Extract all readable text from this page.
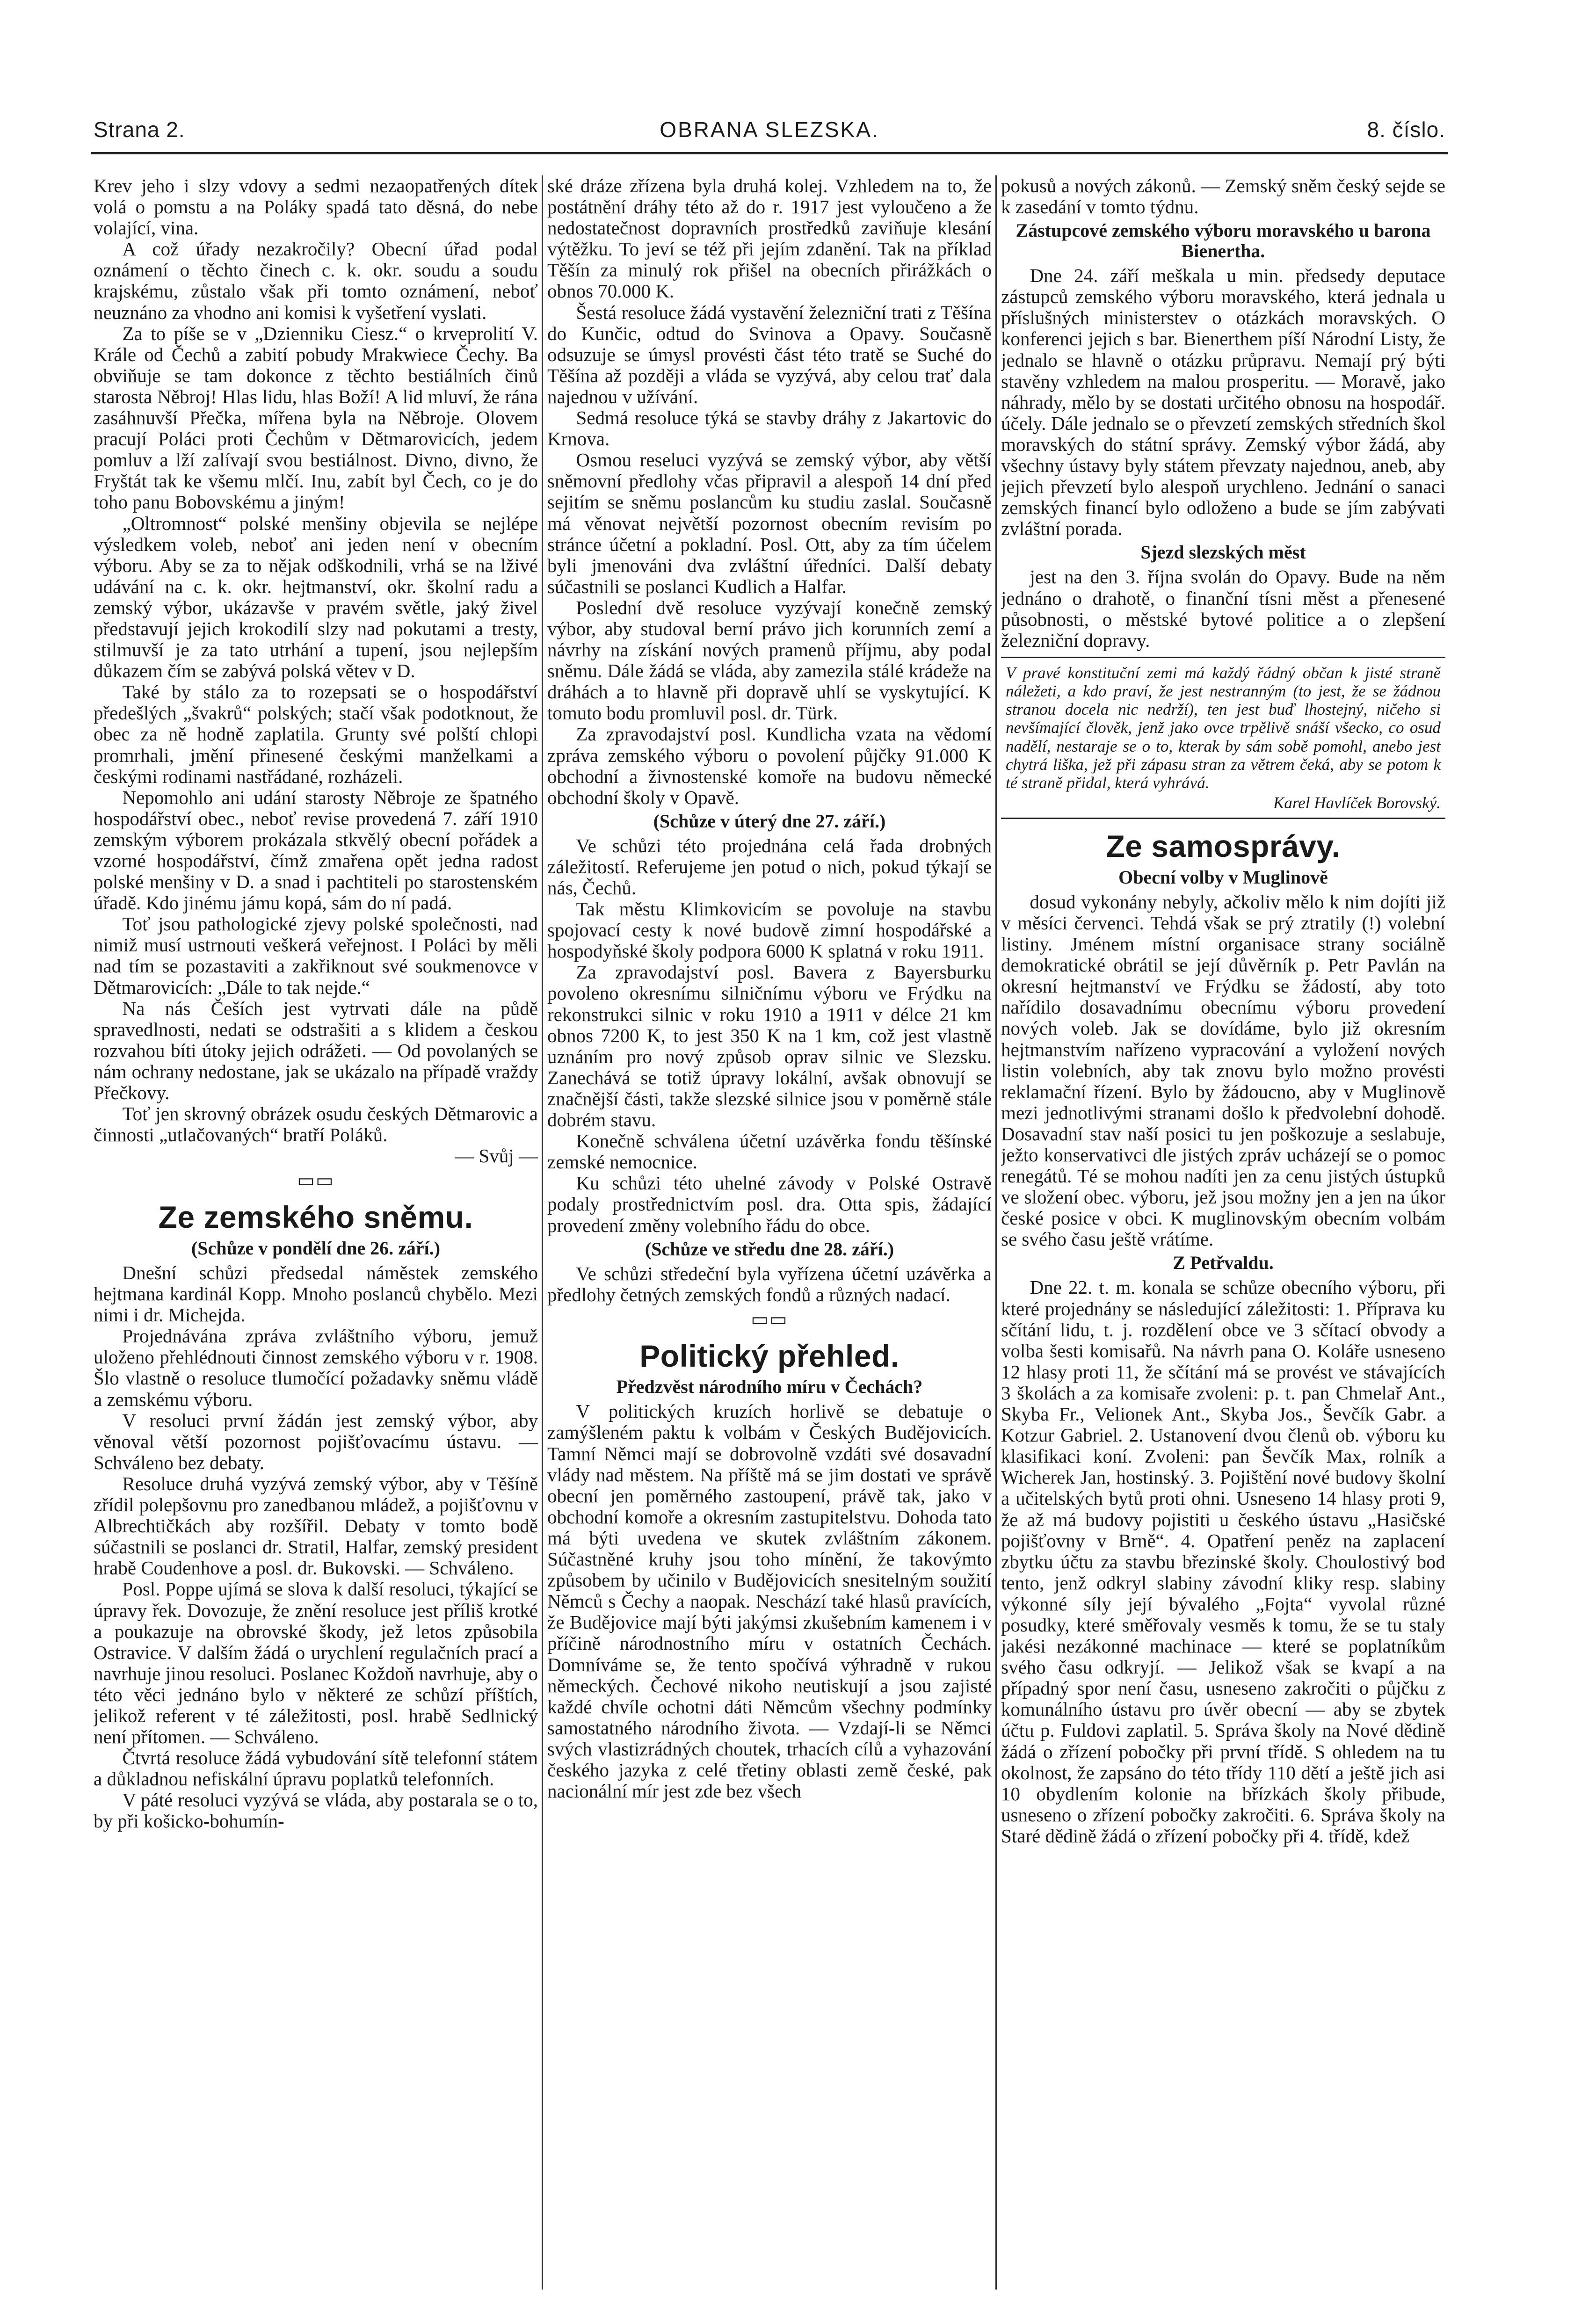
Strana 2.	OBRANA SLEZSKA.	8. číslo.

Krev jeho i slzy vdovy a sedmi nezaopatřených dítek volá o pomstu a na Poláky spadá tato děsná, do nebe volající, vina.

A což úřady nezakročily? Obecní úřad podal oznámení o těchto činech c. k. okr. soudu a soudu krajskému, zůstalo však při tomto oznámení, neboť neuznáno za vhodno ani komisi k vyšetření vyslati.

Za to píše se v „Dzienniku Ciesz.“ o krveprolití V. Krále od Čechů a zabití pobudy Mrakwiece Čechy. Ba obviňuje se tam dokonce z těchto bestiálních činů starosta Něbroj! Hlas lidu, hlas Boží! A lid mluví, že rána zasáhnuvší Přečka, mířena byla na Něbroje. Olovem pracují Poláci proti Čechům v Dětmarovicích, jedem pomluv a lží zalívají svou bestiálnost. Divno, divno, že Fryštát tak ke všemu mlčí. Inu, zabít byl Čech, co je do toho panu Bobovskému a jiným!

„Oltromnost“ polské menšiny objevila se nejlépe výsledkem voleb, neboť ani jeden není v obecním výboru. Aby se za to nějak odškodnili, vrhá se na lživé udávání na c. k. okr. hejtmanství, okr. školní radu a zemský výbor, ukázavše v pravém světle, jaký živel představují jejich krokodilí slzy nad pokutami a tresty, stilmuvší je za tato utrhání a tupení, jsou nejlepším důkazem čím se zabývá polská větev v D.

Také by stálo za to rozepsati se o hospodářství předešlých „švakrů“ polských; stačí však podotknout, že obec za ně hodně zaplatila. Grunty své polští chlopi promrhali, jmění přinesené českými manželkami a českými rodinami nastřádané, rozházeli.

Nepomohlo ani udání starosty Něbroje ze špatného hospodářství obec., neboť revise provedená 7. září 1910 zemským výborem prokázala stkvělý obecní pořádek a vzorné hospodářství, čímž zmařena opět jedna radost polské menšiny v D. a snad i pachtiteli po starostenském úřadě. Kdo jinému jámu kopá, sám do ní padá.

Toť jsou pathologické zjevy polské společnosti, nad nimiž musí ustrnouti veškerá veřejnost. I Poláci by měli nad tím se pozastaviti a zakřiknout své soukmenovce v Dětmarovicích: „Dále to tak nejde.“

Na nás Češích jest vytrvati dále na půdě spravedlnosti, nedati se odstrašiti a s klidem a českou rozvahou bíti útoky jejich odrážeti. — Od povolaných se nám ochrany nedostane, jak se ukázalo na případě vraždy Přečkovy.

Toť jen skrovný obrázek osudu českých Dětmarovic a činnosti „utlačovaných“ bratří Poláků.

— Svůj —

▭▭
Ze zemského sněmu.
(Schůze v pondělí dne 26. září.)

Dnešní schůzi předsedal náměstek zemského hejtmana kardinál Kopp. Mnoho poslanců chybělo. Mezi nimi i dr. Michejda.

Projednávána zpráva zvláštního výboru, jemuž uloženo přehlédnouti činnost zemského výboru v r. 1908. Šlo vlastně o resoluce tlumočící požadavky sněmu vládě a zemskému výboru.

V resoluci první žádán jest zemský výbor, aby věnoval větší pozornost pojišťovacímu ústavu. — Schváleno bez debaty.

Resoluce druhá vyzývá zemský výbor, aby v Těšíně zřídil polepšovnu pro zanedbanou mládež, a pojišťovnu v Albrechtičkách aby rozšířil. Debaty v tomto bodě súčastnili se poslanci dr. Stratil, Halfar, zemský president hrabě Coudenhove a posl. dr. Bukovski. — Schváleno.

Posl. Poppe ujímá se slova k další resoluci, týkající se úpravy řek. Dovozuje, že znění resoluce jest příliš krotké a poukazuje na obrovské škody, jež letos způsobila Ostravice. V dalším žádá o urychlení regulačních prací a navrhuje jinou resoluci. Poslanec Koždoň navrhuje, aby o této věci jednáno bylo v některé ze schůzí příštích, jelikož referent v té záležitosti, posl. hrabě Sedlnický není přítomen. — Schváleno.

Čtvrtá resoluce žádá vybudování sítě telefonní státem a důkladnou nefiskální úpravu poplatků telefonních.

V páté resoluci vyzývá se vláda, aby postarala se o to, by při košicko-bohumín-

ské dráze zřízena byla druhá kolej. Vzhledem na to, že postátnění dráhy této až do r. 1917 jest vyloučeno a že nedostatečnost dopravních prostředků zaviňuje klesání výtěžku. To jeví se též při jejím zdanění. Tak na příklad Těšín za minulý rok přišel na obecních přirážkách o obnos 70.000 K.

Šestá resoluce žádá vystavění železniční trati z Těšína do Kunčic, odtud do Svinova a Opavy. Současně odsuzuje se úmysl provésti část této tratě se Suché do Těšína až později a vláda se vyzývá, aby celou trať dala najednou v užívání.

Sedmá resoluce týká se stavby dráhy z Jakartovic do Krnova.

Osmou reseluci vyzývá se zemský výbor, aby větší sněmovní předlohy včas připravil a alespoň 14 dní před sejitím se sněmu poslancům ku studiu zaslal. Současně má věnovat největší pozornost obecním revisím po stránce účetní a pokladní. Posl. Ott, aby za tím účelem byli jmenováni dva zvláštní úředníci. Další debaty súčastnili se poslanci Kudlich a Halfar.

Poslední dvě resoluce vyzývají konečně zemský výbor, aby studoval berní právo jich korunních zemí a návrhy na získání nových pramenů příjmu, aby podal sněmu. Dále žádá se vláda, aby zamezila stálé krádeže na dráhách a to hlavně při dopravě uhlí se vyskytující. K tomuto bodu promluvil posl. dr. Türk.

Za zpravodajství posl. Kundlicha vzata na vědomí zpráva zemského výboru o povolení půjčky 91.000 K obchodní a živnostenské komoře na budovu německé obchodní školy v Opavě.

(Schůze v úterý dne 27. září.)

Ve schůzi této projednána celá řada drobných záležitostí. Referujeme jen potud o nich, pokud týkají se nás, Čechů.

Tak městu Klimkovicím se povoluje na stavbu spojovací cesty k nové budově zimní hospodářské a hospodyňské školy podpora 6000 K splatná v roku 1911.

Za zpravodajství posl. Bavera z Bayersburku povoleno okresnímu silničnímu výboru ve Frýdku na rekonstrukci silnic v roku 1910 a 1911 v délce 21 km obnos 7200 K, to jest 350 K na 1 km, což jest vlastně uznáním pro nový způsob oprav silnic ve Slezsku. Zanechává se totiž úpravy lokální, avšak obnovují se značnější části, takže slezské silnice jsou v poměrně stále dobrém stavu.

Konečně schválena účetní uzávěrka fondu těšínské zemské nemocnice.

Ku schůzi této uhelné závody v Polské Ostravě podaly prostřednictvím posl. dra. Otta spis, žádající provedení změny volebního řádu do obce.

(Schůze ve středu dne 28. září.)

Ve schůzi středeční byla vyřízena účetní uzávěrka a předlohy četných zemských fondů a různých nadací.

▭▭
Politický přehled.
Předzvěst národního míru v Čechách?

V politických kruzích horlivě se debatuje o zamýšleném paktu k volbám v Českých Budějovicích. Tamní Němci mají se dobrovolně vzdáti své dosavadní vlády nad městem. Na příště má se jim dostati ve správě obecní jen poměrného zastoupení, právě tak, jako v obchodní komoře a okresním zastupitelstvu. Dohoda tato má býti uvedena ve skutek zvláštním zákonem. Súčastněné kruhy jsou toho mínění, že takovýmto způsobem by učinilo v Budějovicích snesitelným soužití Němců s Čechy a naopak. Neschází také hlasů pravících, že Budějovice mají býti jakýmsi zkušebním kamenem i v příčině národnostního míru v ostatních Čechách. Domníváme se, že tento spočívá výhradně v rukou německých. Čechové nikoho neutiskují a jsou zajisté každé chvíle ochotni dáti Němcům všechny podmínky samostatného národního života. — Vzdají-li se Němci svých vlastizrádných choutek, trhacích cílů a vyhazování českého jazyka z celé třetiny oblasti země české, pak nacionální mír jest zde bez všech

pokusů a nových zákonů. — Zemský sněm český sejde se k zasedání v tomto týdnu.

Zástupcové zemského výboru moravského u barona Bienertha.

Dne 24. září meškala u min. předsedy deputace zástupců zemského výboru moravského, která jednala u příslušných ministerstev o otázkách moravských. O konferenci jejich s bar. Bienerthem píší Národní Listy, že jednalo se hlavně o otázku průpravu. Nemají prý býti stavěny vzhledem na malou prosperitu. — Moravě, jako náhrady, mělo by se dostati určitého obnosu na hospodář. účely. Dále jednalo se o převzetí zemských středních škol moravských do státní správy. Zemský výbor žádá, aby všechny ústavy byly státem převzaty najednou, aneb, aby jejich převzetí bylo alespoň urychleno. Jednání o sanaci zemských financí bylo odloženo a bude se jím zabývati zvláštní porada.

Sjezd slezských měst

jest na den 3. října svolán do Opavy. Bude na něm jednáno o drahotě, o finanční tísni měst a přenesené působnosti, o městské bytové politice a o zlepšení železniční dopravy.

V pravé konstituční zemi má každý řádný občan k jisté straně náležeti, a kdo praví, že jest nestranným (to jest, že se žádnou stranou docela nic nedrží), ten jest buď lhostejný, ničeho si nevšímající člověk, jenž jako ovce trpělivě snáší všecko, co osud nadělí, nestaraje se o to, kterak by sám sobě pomohl, anebo jest chytrá liška, jež při zápasu stran za větrem čeká, aby se potom k té straně přidal, která vyhrává.
Karel Havlíček Borovský.
Ze samosprávy.
Obecní volby v Muglinově

dosud vykonány nebyly, ačkoliv mělo k nim dojíti již v měsíci červenci. Tehdá však se prý ztratily (!) volební listiny. Jménem místní organisace strany sociálně demokratické obrátil se její důvěrník p. Petr Pavlán na okresní hejtmanství ve Frýdku se žádostí, aby toto nařídilo dosavadnímu obecnímu výboru provedení nových voleb. Jak se dovídáme, bylo již okresním hejtmanstvím nařízeno vypracování a vyložení nových listin volebních, aby tak znovu bylo možno provésti reklamační řízení. Bylo by žádoucno, aby v Muglinově mezi jednotlivými stranami došlo k předvolební dohodě. Dosavadní stav naší posici tu jen poškozuje a seslabuje, ježto konservativci dle jistých zpráv ucházejí se o pomoc renegátů. Té se mohou nadíti jen za cenu jistých ústupků ve složení obec. výboru, jež jsou možny jen a jen na úkor české posice v obci. K muglinovským obecním volbám se svého času ještě vrátíme.

Z Petřvaldu.

Dne 22. t. m. konala se schůze obecního výboru, při které projednány se následující záležitosti: 1. Příprava ku sčítání lidu, t. j. rozdělení obce ve 3 sčítací obvody a volba šesti komisařů. Na návrh pana O. Koláře usneseno 12 hlasy proti 11, že sčítání má se provést ve stávajících 3 školách a za komisaře zvoleni: p. t. pan Chmelař Ant., Skyba Fr., Velionek Ant., Skyba Jos., Ševčík Gabr. a Kotzur Gabriel. 2. Ustanovení dvou členů ob. výboru ku klasifikaci koní. Zvoleni: pan Ševčík Max, rolník a Wicherek Jan, hostinský. 3. Pojištění nové budovy školní a učitelských bytů proti ohni. Usneseno 14 hlasy proti 9, že až má budovy pojistiti u českého ústavu „Hasičské pojišťovny v Brně“. 4. Opatření peněz na zaplacení zbytku účtu za stavbu březinské školy. Choulostivý bod tento, jenž odkryl slabiny závodní kliky resp. slabiny výkonné síly její bývalého „Fojta“ vyvolal různé posudky, které směřovaly vesměs k tomu, že se tu staly jakési nezákonné machinace — které se poplatníkům svého času odkryjí. — Jelikož však se kvapí a na případný spor není času, usneseno zakročiti o půjčku z komunálního ústavu pro úvěr obecní — aby se zbytek účtu p. Fuldovi zaplatil. 5. Správa školy na Nové dědině žádá o zřízení pobočky při první třídě. S ohledem na tu okolnost, že zapsáno do této třídy 110 dětí a ještě jich asi 10 obydlením kolonie na břízkách školy přibude, usneseno o zřízení pobočky zakročiti. 6. Správa školy na Staré dědině žádá o zřízení pobočky při 4. třídě, kdež
